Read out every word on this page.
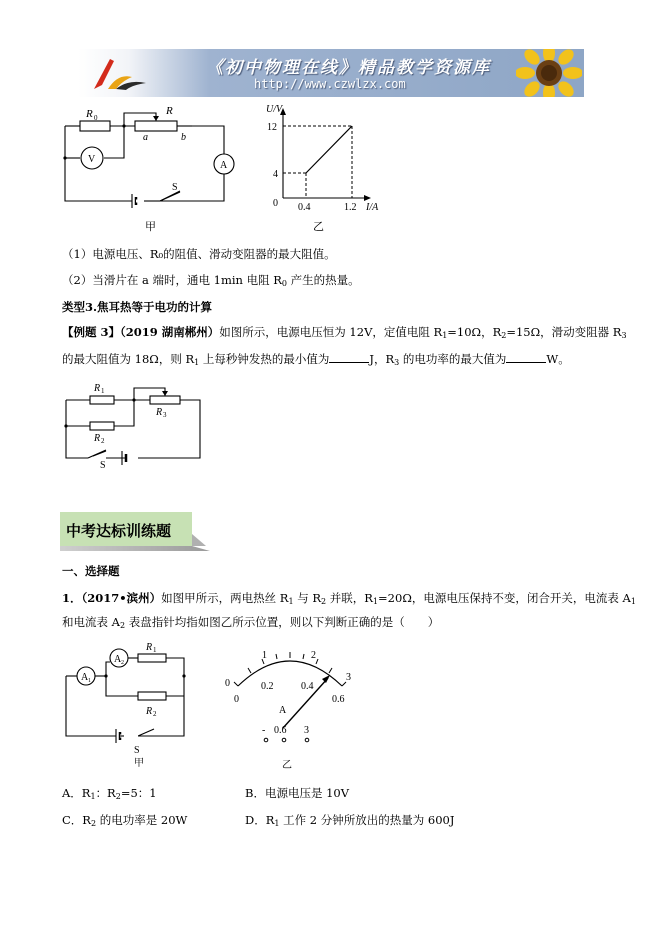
《初中物理在线》精品教学资源库
http://www.czwlzx.com
R 0
R
a	b
V
A
S
甲
U/V
I/A
12
4
0 0.4	1.2
乙
（1）电源电压、R₀的阻值、滑动变阻器的最大阻值。
（2）当滑片在 a 端时，通电 1min 电阻 $R_0$ 产生的热量。
类型3.焦耳热等于电功的计算
【例题 3】（2019 湖南郴州）如图所示，电源电压恒为 12V，定值电阻 $R_1=10\Omega$，$R_2=15\Omega$，滑动变阻器 $R_3$
的最大阻值为 18Ω，则 $R_1$ 上每秒钟发热的最小值为	J，$R_3$ 的电功率的最大值为	W。
R 1
R 2
R 3
S
中考达标训练题
一、选择题
1．（2017•滨州）如图甲所示，两电热丝 $R_1$ 与 $R_2$ 并联，$R_1=20\Omega$，电源电压保持不变，闭合开关，电流表 $A_1$
和电流表 $A_2$ 表盘指针均指如图乙所示位置，则以下判断正确的是（　　）
A 1
A 2
R 1
R 2
S
甲
0
1	2
3
0
0.2	0.4
0.6
A
- 0.6 3
乙
A．$R_1$：$R_2=5$：1	B．电源电压是 10V
C．$R_2$ 的电功率是 20W	D．$R_1$ 工作 2 分钟所放出的热量为 600J
